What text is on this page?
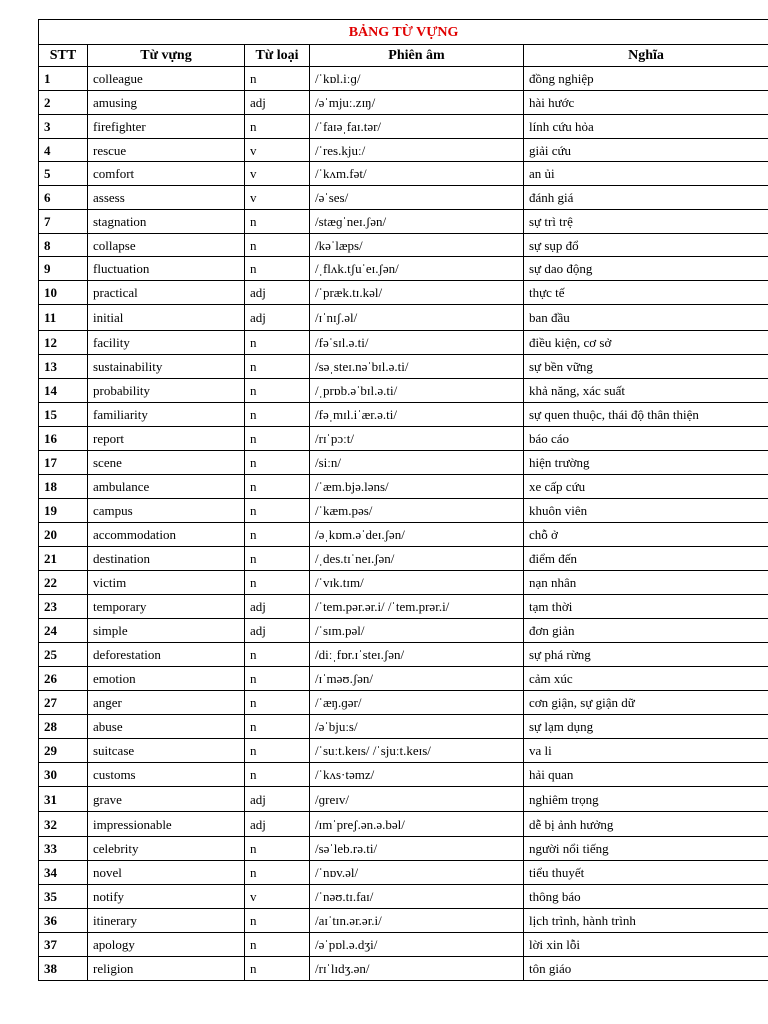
BẢNG TỪ VỰNG				
STT	Từ vựng	Từ loại	Phiên âm	Nghĩa
1	colleague	n	/ˈkɒl.iːɡ/	đồng nghiệp
2	amusing	adj	/əˈmjuː.zɪŋ/	hài hước
3	firefighter	n	/ˈfaɪəˌfaɪ.tər/	lính cứu hỏa
4	rescue	v	/ˈres.kjuː/	giải cứu
5	comfort	v	/ˈkʌm.fət/	an ủi
6	assess	v	/əˈses/	đánh giá
7	stagnation	n	/stæɡˈneɪ.ʃən/	sự trì trệ
8	collapse	n	/kəˈlæps/	sự sụp đổ
9	fluctuation	n	/ˌflʌk.tʃuˈeɪ.ʃən/	sự dao động
10	practical	adj	/ˈpræk.tɪ.kəl/	thực tế
11	initial	adj	/ɪˈnɪʃ.əl/	ban đầu
12	facility	n	/fəˈsɪl.ə.ti/	điều kiện, cơ sở
13	sustainability	n	/səˌsteɪ.nəˈbɪl.ə.ti/	sự bền vững
14	probability	n	/ˌprɒb.əˈbɪl.ə.ti/	khả năng, xác suất
15	familiarity	n	/fəˌmɪl.iˈær.ə.ti/	sự quen thuộc, thái độ thân thiện
16	report	n	/rɪˈpɔːt/	báo cáo
17	scene	n	/siːn/	hiện trường
18	ambulance	n	/ˈæm.bjə.ləns/	xe cấp cứu
19	campus	n	/ˈkæm.pəs/	khuôn viên
20	accommodation	n	/əˌkɒm.əˈdeɪ.ʃən/	chỗ ở
21	destination	n	/ˌdes.tɪˈneɪ.ʃən/	điểm đến
22	victim	n	/ˈvɪk.tɪm/	nạn nhân
23	temporary	adj	/ˈtem.pər.ər.i/ /ˈtem.prər.i/	tạm thời
24	simple	adj	/ˈsɪm.pəl/	đơn giản
25	deforestation	n	/diːˌfɒr.ɪˈsteɪ.ʃən/	sự phá rừng
26	emotion	n	/ɪˈməʊ.ʃən/	cảm xúc
27	anger	n	/ˈæŋ.ɡər/	cơn giận, sự giận dữ
28	abuse	n	/əˈbjuːs/	sự lạm dụng
29	suitcase	n	/ˈsuːt.keɪs/ /ˈsjuːt.keɪs/	va li
30	customs	n	/ˈkʌs·təmz/	hải quan
31	grave	adj	/ɡreɪv/	nghiêm trọng
32	impressionable	adj	/ɪmˈpreʃ.ən.ə.bəl/	dễ bị ảnh hưởng
33	celebrity	n	/səˈleb.rə.ti/	người nổi tiếng
34	novel	n	/ˈnɒv.əl/	tiểu thuyết
35	notify	v	/ˈnəʊ.tɪ.faɪ/	thông báo
36	itinerary	n	/aɪˈtɪn.ər.ər.i/	lịch trình, hành trình
37	apology	n	/əˈpɒl.ə.dʒi/	lời xin lỗi
38	religion	n	/rɪˈlɪdʒ.ən/	tôn giáo
